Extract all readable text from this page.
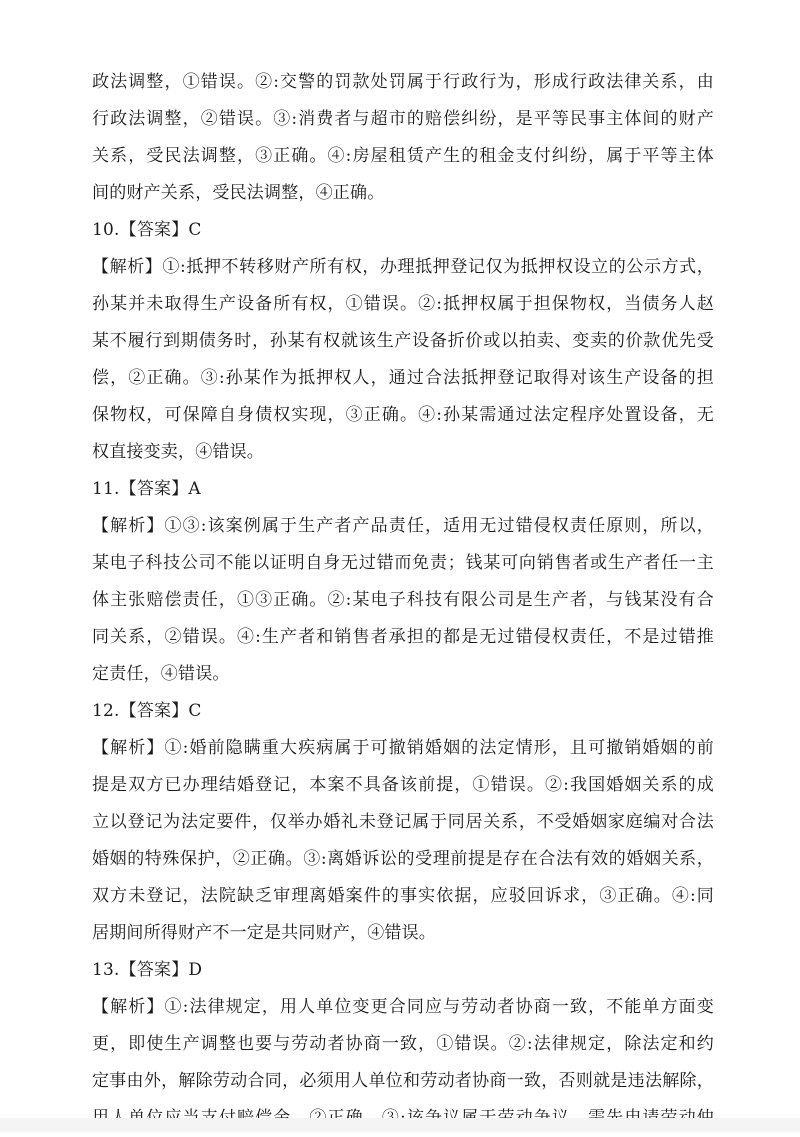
政法调整，①错误。②:交警的罚款处罚属于行政行为，形成行政法律关系，由
行政法调整，②错误。③:消费者与超市的赔偿纠纷，是平等民事主体间的财产
关系，受民法调整，③正确。④:房屋租赁产生的租金支付纠纷，属于平等主体
间的财产关系，受民法调整，④正确。
10.【答案】C
【解析】①:抵押不转移财产所有权，办理抵押登记仅为抵押权设立的公示方式，
孙某并未取得生产设备所有权，①错误。②:抵押权属于担保物权，当债务人赵
某不履行到期债务时，孙某有权就该生产设备折价或以拍卖、变卖的价款优先受
偿，②正确。③:孙某作为抵押权人，通过合法抵押登记取得对该生产设备的担
保物权，可保障自身债权实现，③正确。④:孙某需通过法定程序处置设备，无
权直接变卖，④错误。
11.【答案】A
【解析】①③:该案例属于生产者产品责任，适用无过错侵权责任原则，所以，
某电子科技公司不能以证明自身无过错而免责；钱某可向销售者或生产者任一主
体主张赔偿责任，①③正确。②:某电子科技有限公司是生产者，与钱某没有合
同关系，②错误。④:生产者和销售者承担的都是无过错侵权责任，不是过错推
定责任，④错误。
12.【答案】C
【解析】①:婚前隐瞒重大疾病属于可撤销婚姻的法定情形，且可撤销婚姻的前
提是双方已办理结婚登记，本案不具备该前提，①错误。②:我国婚姻关系的成
立以登记为法定要件，仅举办婚礼未登记属于同居关系，不受婚姻家庭编对合法
婚姻的特殊保护，②正确。③:离婚诉讼的受理前提是存在合法有效的婚姻关系，
双方未登记，法院缺乏审理离婚案件的事实依据，应驳回诉求，③正确。④:同
居期间所得财产不一定是共同财产，④错误。
13.【答案】D
【解析】①:法律规定，用人单位变更合同应与劳动者协商一致，不能单方面变
更，即使生产调整也要与劳动者协商一致，①错误。②:法律规定，除法定和约
定事由外，解除劳动合同，必须用人单位和劳动者协商一致，否则就是违法解除，
